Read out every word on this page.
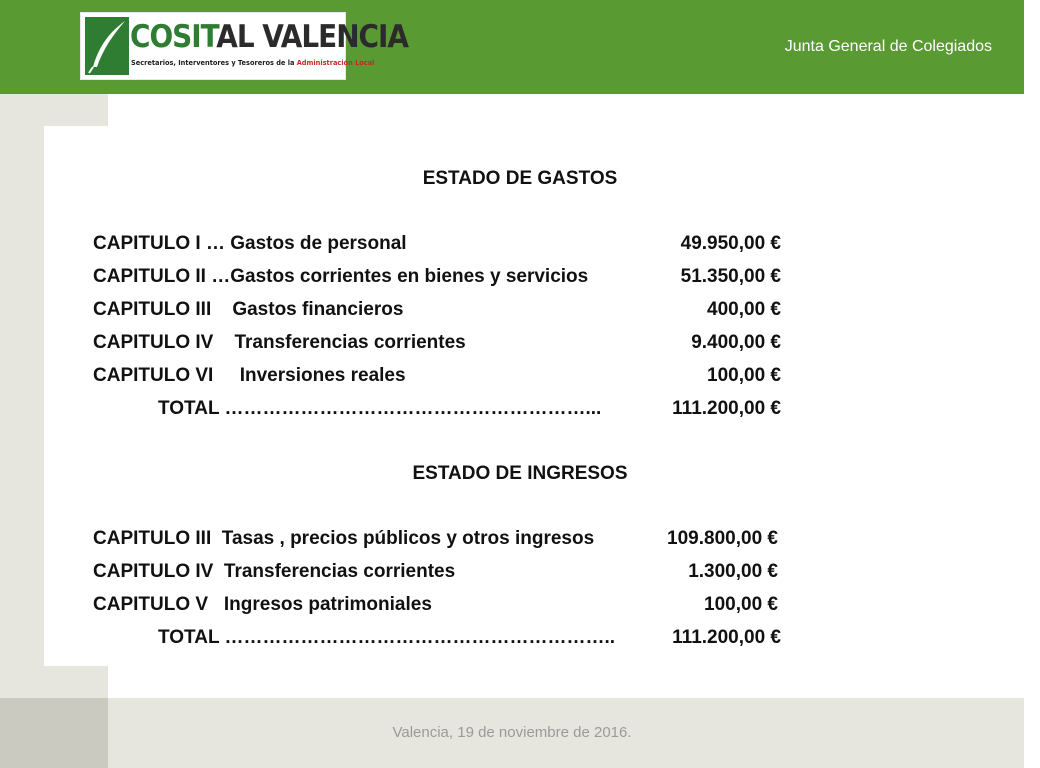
COSITAL VALENCIA
Secretarios, Interventores y Tesoreros de la Administración Local
Junta General de Colegiados
ESTADO DE GASTOS
CAPITULO I … Gastos de personal	49.950,00 €
CAPITULO II …Gastos corrientes en bienes y servicios	51.350,00 €
CAPITULO III    Gastos financieros	400,00 €
CAPITULO IV    Transferencias corrientes	9.400,00 €
CAPITULO VI     Inversiones reales	100,00 €
TOTAL …………………………………………………...	111.200,00 €
ESTADO DE INGRESOS
CAPITULO III  Tasas , precios públicos y otros ingresos	109.800,00 €
CAPITULO IV  Transferencias corrientes	1.300,00 €
CAPITULO V   Ingresos patrimoniales	100,00 €
TOTAL ……………………………………………………..	111.200,00 €
Valencia, 19 de noviembre de 2016.
